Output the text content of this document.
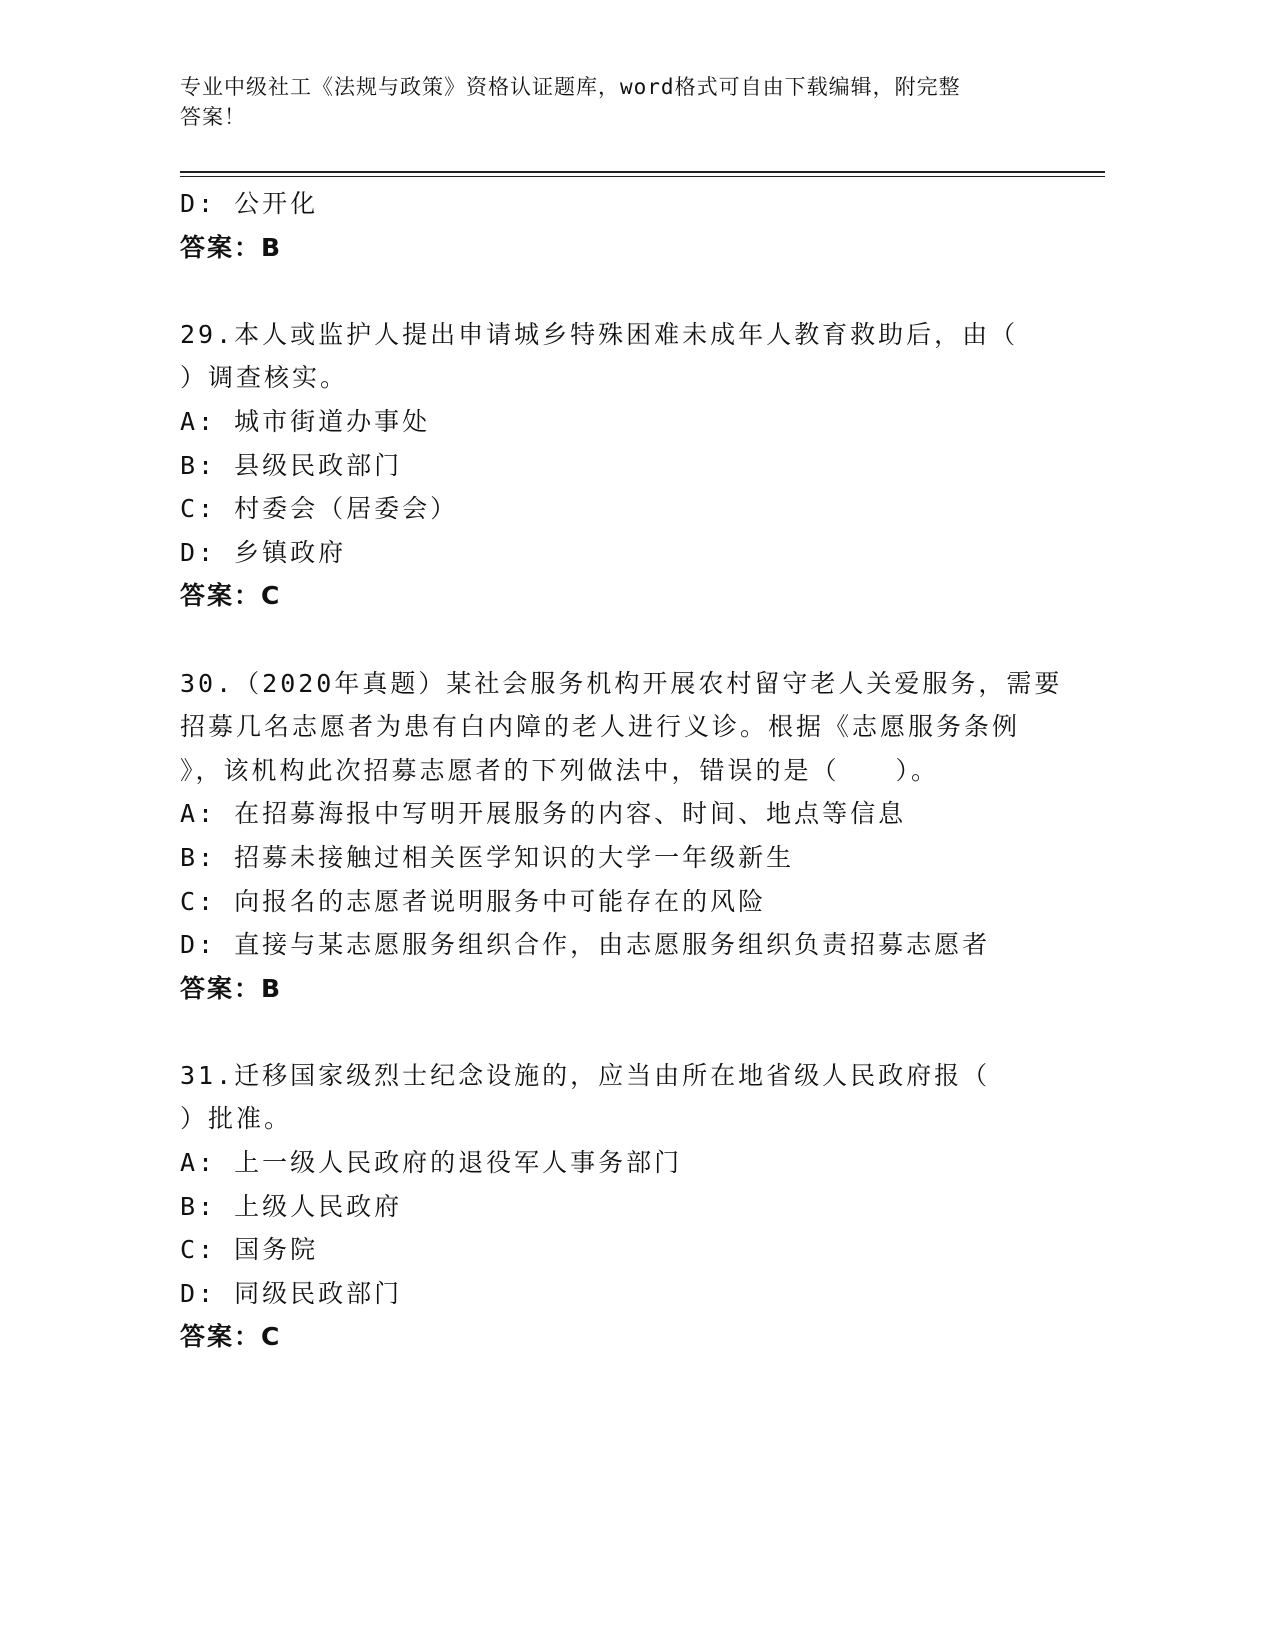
专业中级社工《法规与政策》资格认证题库，word格式可自由下载编辑，附完整
答案！
D: 公开化
答案：B
29.本人或监护人提出申请城乡特殊困难未成年人教育救助后，由（
）调查核实。
A: 城市街道办事处
B: 县级民政部门
C: 村委会（居委会）
D: 乡镇政府
答案：C
30.（2020年真题）某社会服务机构开展农村留守老人关爱服务，需要
招募几名志愿者为患有白内障的老人进行义诊。根据《志愿服务条例
》，该机构此次招募志愿者的下列做法中，错误的是（　　）。
A: 在招募海报中写明开展服务的内容、时间、地点等信息
B: 招募未接触过相关医学知识的大学一年级新生
C: 向报名的志愿者说明服务中可能存在的风险
D: 直接与某志愿服务组织合作，由志愿服务组织负责招募志愿者
答案：B
31.迁移国家级烈士纪念设施的，应当由所在地省级人民政府报（
）批准。
A: 上一级人民政府的退役军人事务部门
B: 上级人民政府
C: 国务院
D: 同级民政部门
答案：C
